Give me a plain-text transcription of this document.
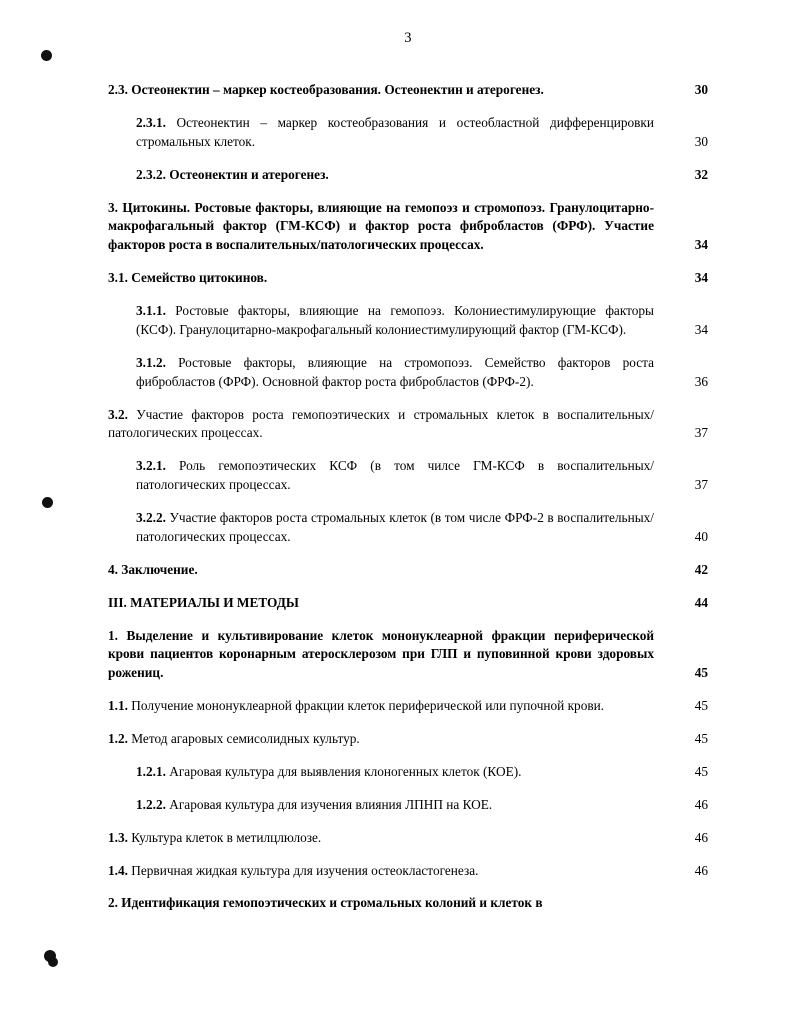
3
2.3. Остеонектин – маркер костеобразования. Остеонектин и атерогенез.	30
2.3.1. Остеонектин – маркер костеобразования и остеобластной дифференцировки стромальных клеток.	30
2.3.2. Остеонектин и атерогенез.	32
3. Цитокины. Ростовые факторы, влияющие на гемопоэз и стромопоэз. Гранулоцитарно-макрофагальный фактор (ГМ-КСФ) и фактор роста фибробластов (ФРФ). Участие факторов роста в воспалительных/патологических процессах.	34
3.1. Семейство цитокинов.	34
3.1.1. Ростовые факторы, влияющие на гемопоэз. Колониестимулирующие факторы (КСФ). Гранулоцитарно-макрофагальный колониестимулирующий фактор (ГМ-КСФ).	34
3.1.2. Ростовые факторы, влияющие на стромопоэз. Семейство факторов роста фибробластов (ФРФ). Основной фактор роста фибробластов (ФРФ-2).	36
3.2. Участие факторов роста гемопоэтических и стромальных клеток в воспалительных/патологических процессах.	37
3.2.1. Роль гемопоэтических КСФ (в том чилсе ГМ-КСФ в воспалительных/патологических процессах.	37
3.2.2. Участие факторов роста стромальных клеток (в том числе ФРФ-2 в воспалительных/патологических процессах.	40
4. Заключение.	42
III. МАТЕРИАЛЫ И МЕТОДЫ	44
1. Выделение и культивирование клеток мононуклеарной фракции периферической крови пациентов коронарным атеросклерозом при ГЛП и пуповинной крови здоровых рожениц.	45
1.1. Получение мононуклеарной фракции клеток периферической или пупочной крови.	45
1.2. Метод агаровых семисолидных культур.	45
1.2.1. Агаровая культура для выявления клоногенных клеток (КОЕ).	45
1.2.2. Агаровая культура для изучения влияния ЛПНП на КОЕ.	46
1.3. Культура клеток в метилцлюлозе.	46
1.4. Первичная жидкая культура для изучения остеокластогенеза.	46
2. Идентификация гемопоэтических и стромальных колоний и клеток в
